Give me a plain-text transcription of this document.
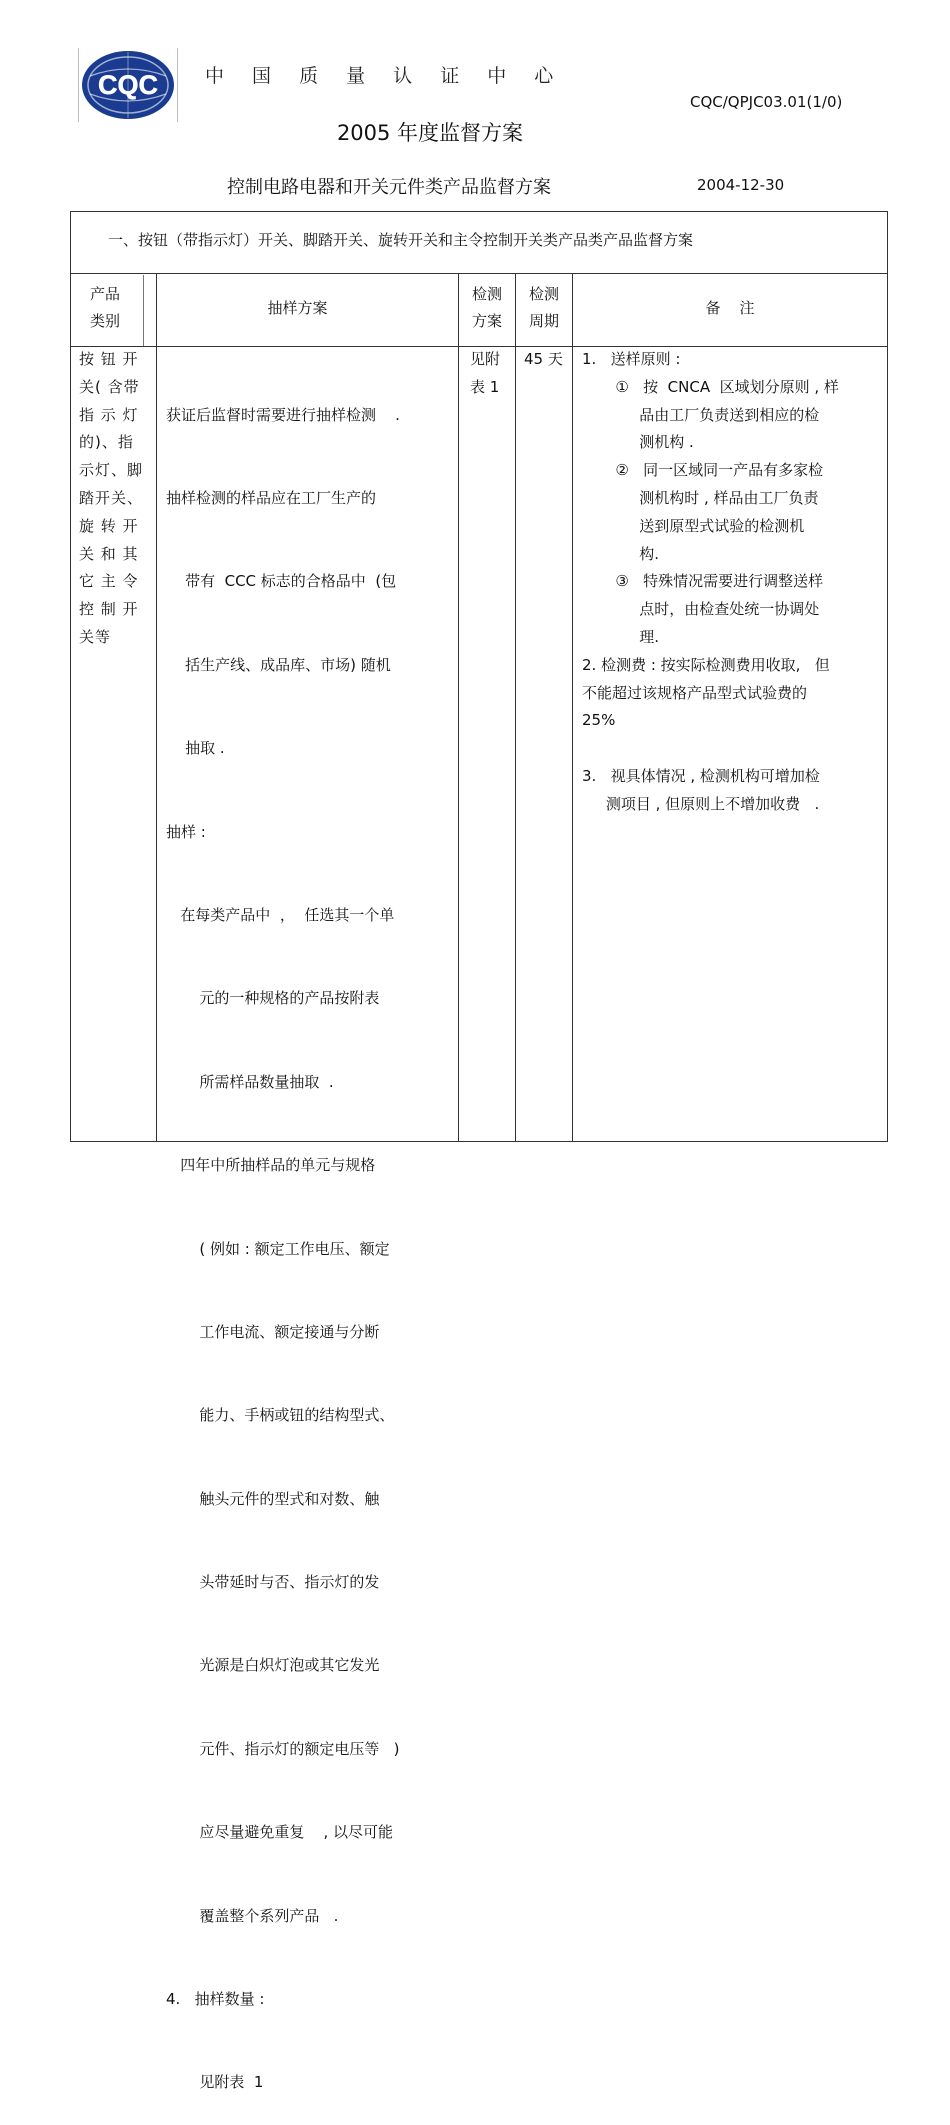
CQC 中 国 质 量 认 证 中 心
CQC/QPJC03.01(1/0)
2005 年度监督方案
控制电路电器和开关元件类产品监督方案	2004-12-30
一、按钮（带指示灯）开关、脚踏开关、旋转开关和主令控制开关类产品类产品监督方案
产品
类别
抽样方案
检测
方案
检测
周期
备    注

按 钮 开

关( 含带

指 示 灯

的)、指

示灯、脚

踏开关、

旋 转 开

关 和 其

它 主 令

控 制 开

关等

获证后监督时需要进行抽样检测    .

抽样检测的样品应在工厂生产的

带有  CCC 标志的合格品中  (包

括生产线、成品库、市场) 随机

抽取 .

抽样 :

在每类产品中  ，  任选其一个单

元的一种规格的产品按附表

所需样品数量抽取  .

四年中所抽样品的单元与规格

( 例如 : 额定工作电压、额定

工作电流、额定接通与分断

能力、手柄或钮的结构型式、

触头元件的型式和对数、触

头带延时与否、指示灯的发

光源是白炽灯泡或其它发光

元件、指示灯的额定电压等   )

应尽量避免重复    , 以尽可能

覆盖整个系列产品   .

4.   抽样数量 :

见附表  1

见附

表 1

45 天 1.   送样原则 :

①   按  CNCA  区域划分原则 , 样

品由工厂负责送到相应的检

测机构 .

②   同一区域同一产品有多家检

测机构时 , 样品由工厂负责

送到原型式试验的检测机

构.

③   特殊情况需要进行调整送样

点时，由检查处统一协调处

理.

2. 检测费 : 按实际检测费用收取,   但

不能超过该规格产品型式试验费的

25%

3.   视具体情况 , 检测机构可增加检

测项目 , 但原则上不增加收费   .
